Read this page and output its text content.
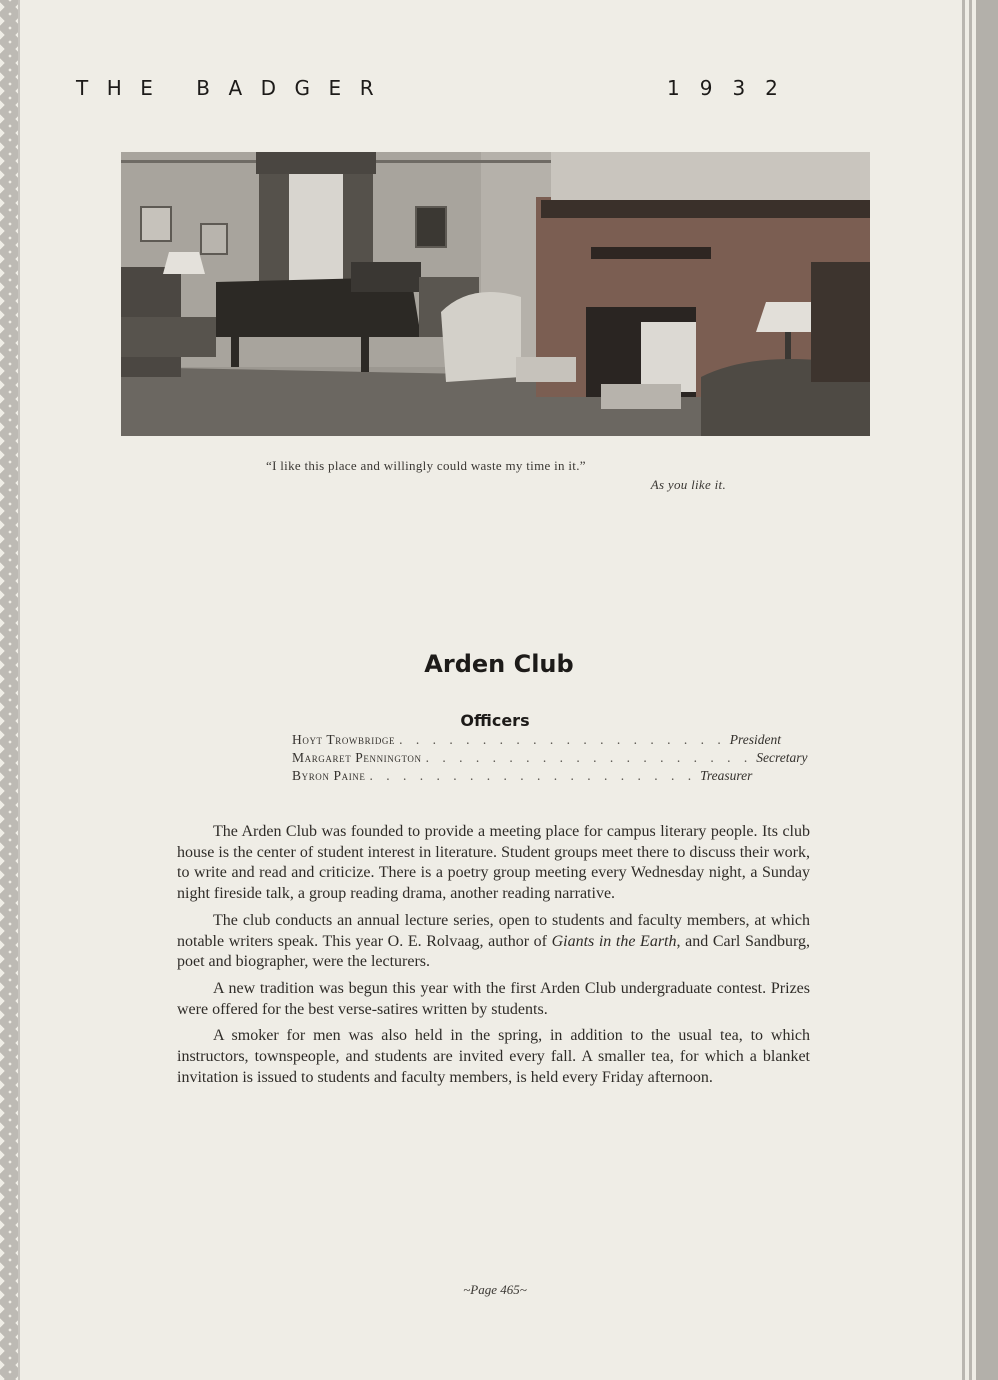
THE BADGER	1932
“I like this place and willingly could waste my time in it.”
As you like it.
Arden Club
Officers
Hoyt Trowbridge . . . . . . . . . . . . . . . . . . . . President
Margaret Pennington . . . . . . . . . . . . . . . . . . . . Secretary
Byron Paine . . . . . . . . . . . . . . . . . . . . Treasurer

The Arden Club was founded to provide a meeting place for campus literary people. Its club house is the center of student interest in literature. Student groups meet there to discuss their work, to write and read and criticize. There is a poetry group meeting every Wednesday night, a Sunday night fireside talk, a group reading drama, another reading narrative.

The club conducts an annual lecture series, open to students and faculty members, at which notable writers speak. This year O. E. Rolvaag, author of Giants in the Earth, and Carl Sandburg, poet and biographer, were the lecturers.

A new tradition was begun this year with the first Arden Club undergraduate contest. Prizes were offered for the best verse-satires written by students.

A smoker for men was also held in the spring, in addition to the usual tea, to which instructors, townspeople, and students are invited every fall. A smaller tea, for which a blanket invitation is issued to students and faculty members, is held every Friday afternoon.

~Page 465~
